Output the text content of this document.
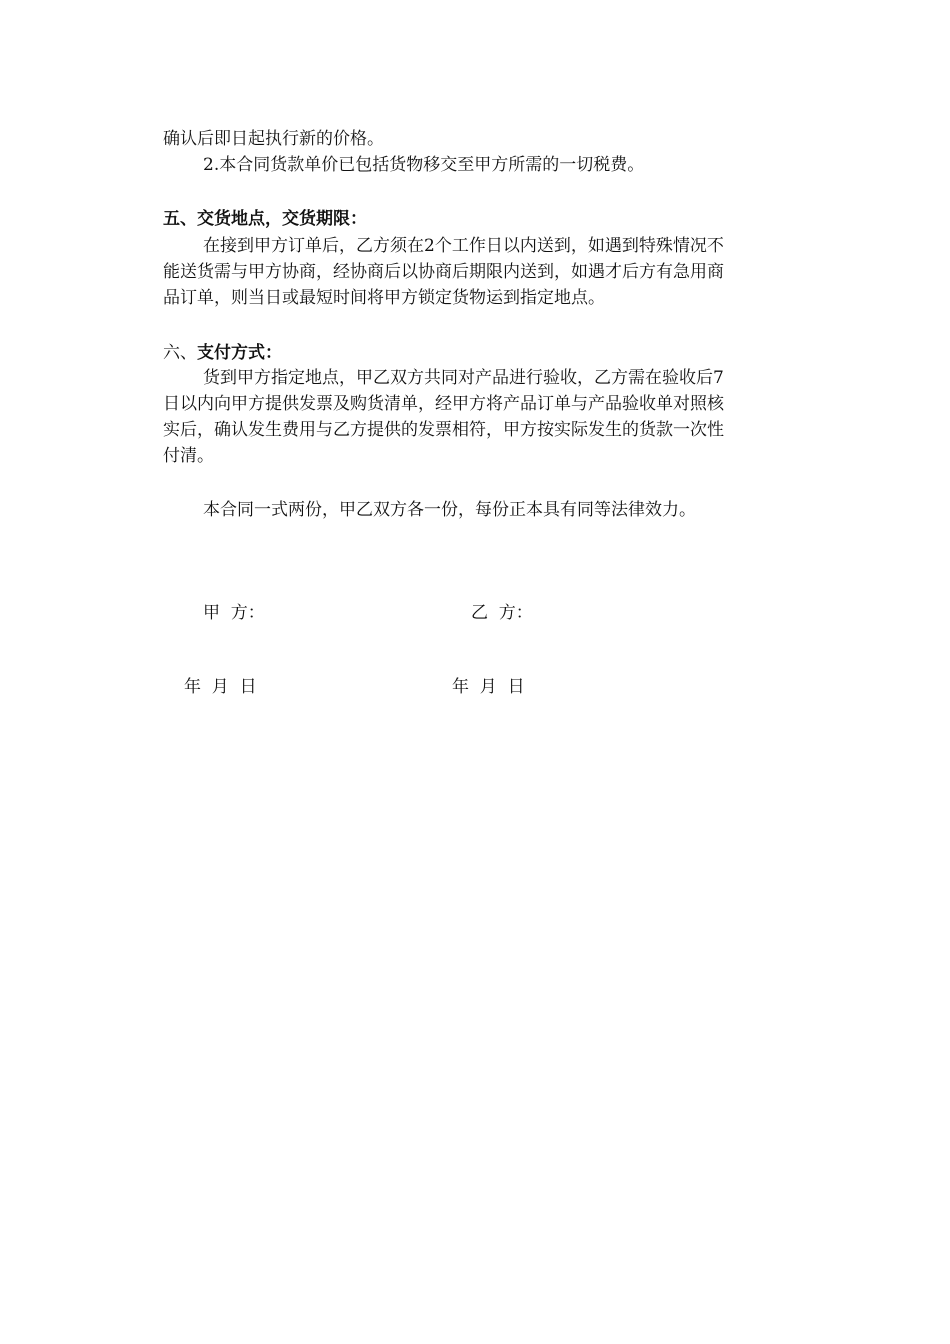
确认后即日起执行新的价格。
2.本合同货款单价已包括货物移交至甲方所需的一切税费。
五、交货地点，交货期限：
在接到甲方订单后，乙方须在2个工作日以内送到，如遇到特殊情况不
能送货需与甲方协商，经协商后以协商后期限内送到，如遇才后方有急用商
品订单，则当日或最短时间将甲方锁定货物运到指定地点。
六、支付方式：
货到甲方指定地点，甲乙双方共同对产品进行验收，乙方需在验收后7
日以内向甲方提供发票及购货清单，经甲方将产品订单与产品验收单对照核
实后，确认发生费用与乙方提供的发票相符，甲方按实际发生的货款一次性
付清。
本合同一式两份，甲乙双方各一份，每份正本具有同等法律效力。
甲  方：	乙  方：
年  月  日	年  月  日
